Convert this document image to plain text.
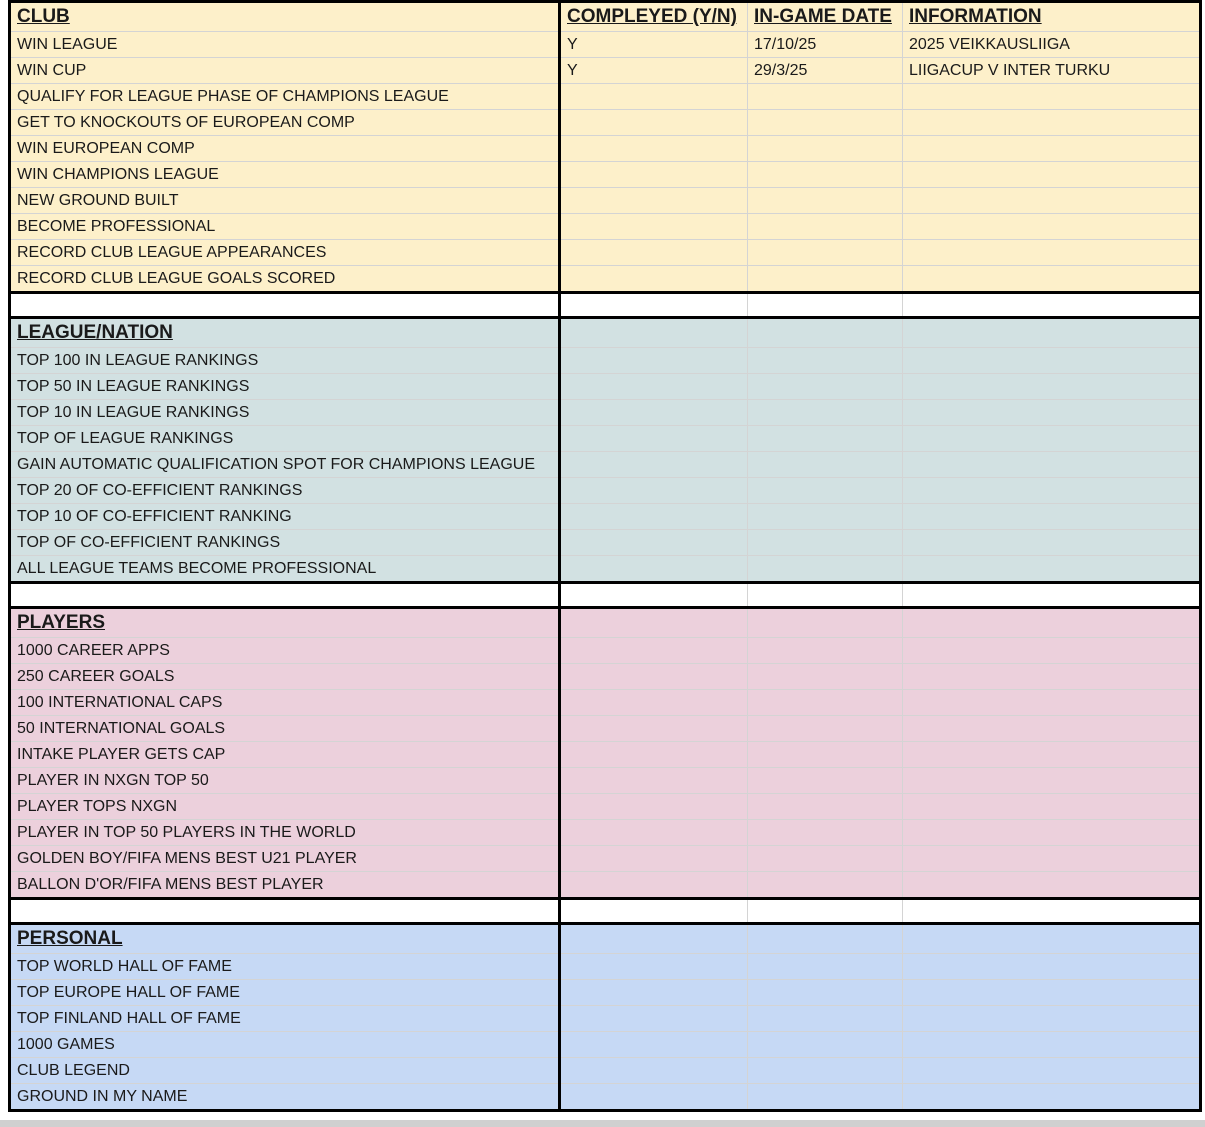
CLUB	COMPLEYED (Y/N)	IN-GAME DATE	INFORMATION
WIN LEAGUE	Y	17/10/25	2025 VEIKKAUSLIIGA
WIN CUP	Y	29/3/25	LIIGACUP V INTER TURKU
QUALIFY FOR LEAGUE PHASE OF CHAMPIONS LEAGUE			
GET TO KNOCKOUTS OF EUROPEAN COMP			
WIN EUROPEAN COMP			
WIN CHAMPIONS LEAGUE			
NEW GROUND BUILT			
BECOME PROFESSIONAL			
RECORD CLUB LEAGUE APPEARANCES			
RECORD CLUB LEAGUE GOALS SCORED			

LEAGUE/NATION			
TOP 100 IN LEAGUE RANKINGS			
TOP 50 IN LEAGUE RANKINGS			
TOP 10 IN LEAGUE RANKINGS			
TOP OF LEAGUE RANKINGS			
GAIN AUTOMATIC QUALIFICATION SPOT FOR CHAMPIONS LEAGUE			
TOP 20 OF CO-EFFICIENT RANKINGS			
TOP 10 OF CO-EFFICIENT RANKING			
TOP OF CO-EFFICIENT RANKINGS			
ALL LEAGUE TEAMS BECOME PROFESSIONAL			

PLAYERS			
1000 CAREER APPS			
250 CAREER GOALS			
100 INTERNATIONAL CAPS			
50 INTERNATIONAL GOALS			
INTAKE PLAYER GETS CAP			
PLAYER IN NXGN TOP 50			
PLAYER TOPS NXGN			
PLAYER IN TOP 50 PLAYERS IN THE WORLD			
GOLDEN BOY/FIFA MENS BEST U21 PLAYER			
BALLON D'OR/FIFA MENS BEST PLAYER			

PERSONAL			
TOP WORLD HALL OF FAME			
TOP EUROPE HALL OF FAME			
TOP FINLAND HALL OF FAME			
1000 GAMES			
CLUB LEGEND			
GROUND IN MY NAME			
